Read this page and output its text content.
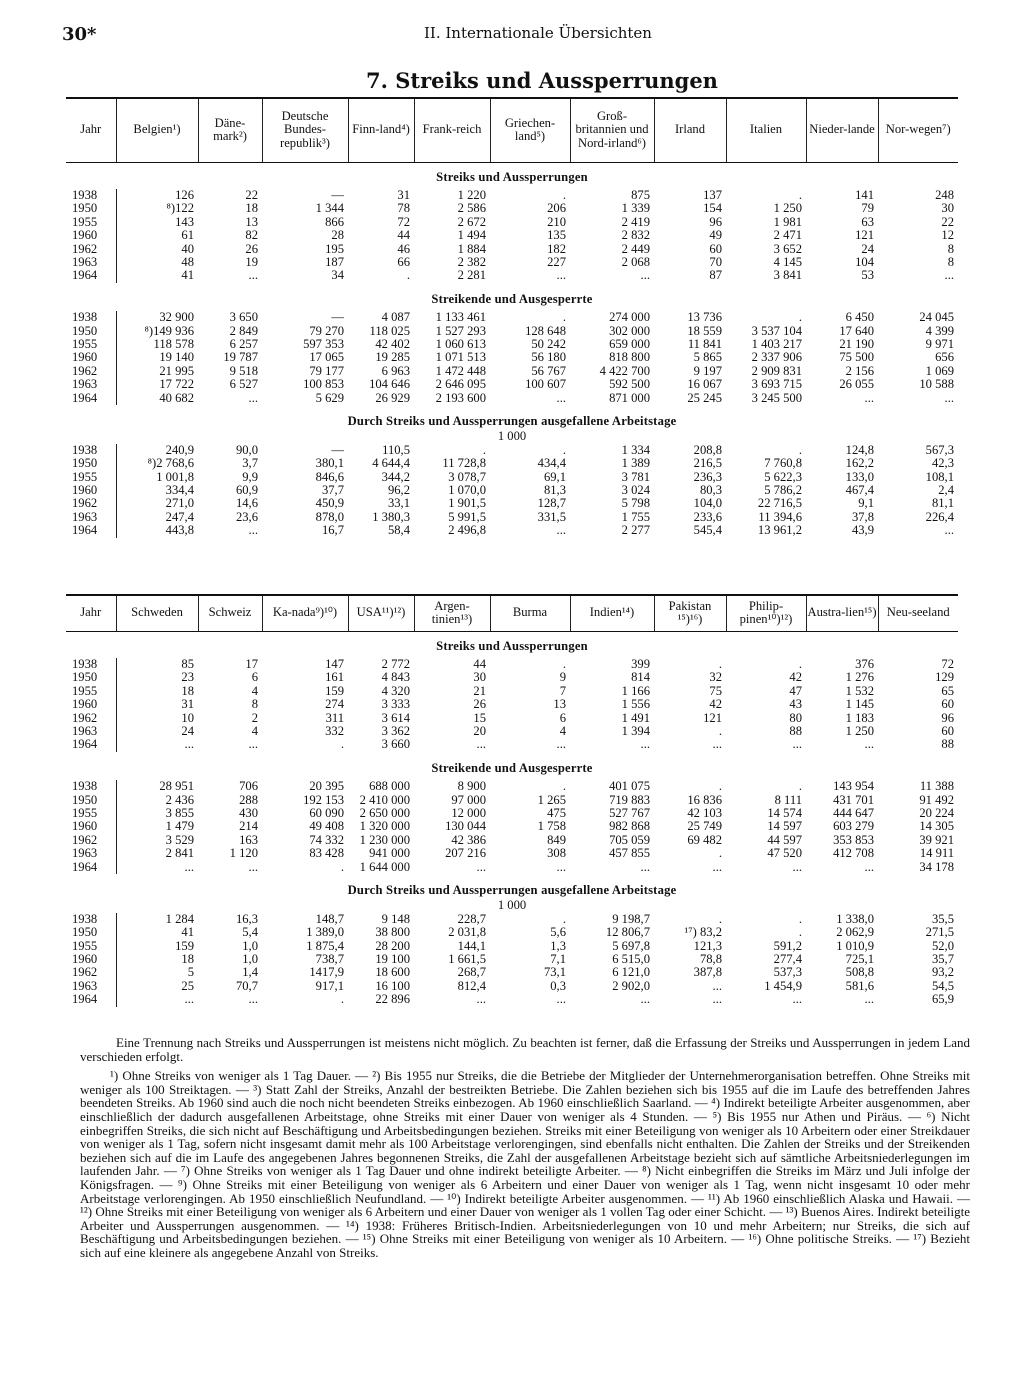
30*	II. Internationale Übersichten
7. Streiks und Aussperrungen
Jahr	Belgien¹)	Däne-mark²)	Deutsche Bundes-republik³)	Finn-land⁴)	Frank-reich	Griechen-land⁵)	Groß-britannien und Nord-irland⁶)	Irland	Italien	Nieder-lande	Nor-wegen⁷)
Streiks und Aussperrungen											

1938	126	22	—	31	1 220	.	875	137	.	141	248
1950	⁸)122	18	1 344	78	2 586	206	1 339	154	1 250	79	30
1955	143	13	866	72	2 672	210	2 419	96	1 981	63	22
1960	61	82	28	44	1 494	135	2 832	49	2 471	121	12
1962	40	26	195	46	1 884	182	2 449	60	3 652	24	8
1963	48	19	187	66	2 382	227	2 068	70	4 145	104	8
1964	41	...	34	.	2 281	...	...	87	3 841	53	...
Streikende und Ausgesperrte											

1938	32 900	3 650	—	4 087	1 133 461	.	274 000	13 736	.	6 450	24 045
1950	⁸)149 936	2 849	79 270	118 025	1 527 293	128 648	302 000	18 559	3 537 104	17 640	4 399
1955	118 578	6 257	597 353	42 402	1 060 613	50 242	659 000	11 841	1 403 217	21 190	9 971
1960	19 140	19 787	17 065	19 285	1 071 513	56 180	818 800	5 865	2 337 906	75 500	656
1962	21 995	9 518	79 177	6 963	1 472 448	56 767	4 422 700	9 197	2 909 831	2 156	1 069
1963	17 722	6 527	100 853	104 646	2 646 095	100 607	592 500	16 067	3 693 715	26 055	10 588
1964	40 682	...	5 629	26 929	2 193 600	...	871 000	25 245	3 245 500	...	...
Durch Streiks und Aussperrungen ausgefallene Arbeitstage											
1 000											
1938	240,9	90,0	—	110,5	.	.	1 334	208,8	.	124,8	567,3
1950	⁸)2 768,6	3,7	380,1	4 644,4	11 728,8	434,4	1 389	216,5	7 760,8	162,2	42,3
1955	1 001,8	9,9	846,6	344,2	3 078,7	69,1	3 781	236,3	5 622,3	133,0	108,1
1960	334,4	60,9	37,7	96,2	1 070,0	81,3	3 024	80,3	5 786,2	467,4	2,4
1962	271,0	14,6	450,9	33,1	1 901,5	128,7	5 798	104,0	22 716,5	9,1	81,1
1963	247,4	23,6	878,0	1 380,3	5 991,5	331,5	1 755	233,6	11 394,6	37,8	226,4
1964	443,8	...	16,7	58,4	2 496,8	...	2 277	545,4	13 961,2	43,9	...
Jahr	Schweden	Schweiz	Ka-nada⁹)¹⁰)	USA¹¹)¹²)	Argen-tinien¹³)	Burma	Indien¹⁴)	Pakistan ¹⁵)¹⁶)	Philip-pinen¹⁰)¹²)	Austra-lien¹⁵)	Neu-seeland
Streiks und Aussperrungen											

1938	85	17	147	2 772	44	.	399	.	.	376	72
1950	23	6	161	4 843	30	9	814	32	42	1 276	129
1955	18	4	159	4 320	21	7	1 166	75	47	1 532	65
1960	31	8	274	3 333	26	13	1 556	42	43	1 145	60
1962	10	2	311	3 614	15	6	1 491	121	80	1 183	96
1963	24	4	332	3 362	20	4	1 394	.	88	1 250	60
1964	...	...	.	3 660	...	...	...	...	...	...	88
Streikende und Ausgesperrte											

1938	28 951	706	20 395	688 000	8 900	.	401 075	.	.	143 954	11 388
1950	2 436	288	192 153	2 410 000	97 000	1 265	719 883	16 836	8 111	431 701	91 492
1955	3 855	430	60 090	2 650 000	12 000	475	527 767	42 103	14 574	444 647	20 224
1960	1 479	214	49 408	1 320 000	130 044	1 758	982 868	25 749	14 597	603 279	14 305
1962	3 529	163	74 332	1 230 000	42 386	849	705 059	69 482	44 597	353 853	39 921
1963	2 841	1 120	83 428	941 000	207 216	308	457 855	.	47 520	412 708	14 911
1964	...	...	.	1 644 000	...	...	...	...	...	...	34 178
Durch Streiks und Aussperrungen ausgefallene Arbeitstage											
1 000											
1938	1 284	16,3	148,7	9 148	228,7	.	9 198,7	.	.	1 338,0	35,5
1950	41	5,4	1 389,0	38 800	2 031,8	5,6	12 806,7	¹⁷) 83,2	.	2 062,9	271,5
1955	159	1,0	1 875,4	28 200	144,1	1,3	5 697,8	121,3	591,2	1 010,9	52,0
1960	18	1,0	738,7	19 100	1 661,5	7,1	6 515,0	78,8	277,4	725,1	35,7
1962	5	1,4	1417,9	18 600	268,7	73,1	6 121,0	387,8	537,3	508,8	93,2
1963	25	70,7	917,1	16 100	812,4	0,3	2 902,0	...	1 454,9	581,6	54,5
1964	...	...	.	22 896	...	...	...	...	...	...	65,9

Eine Trennung nach Streiks und Aussperrungen ist meistens nicht möglich. Zu beachten ist ferner, daß die Erfassung der Streiks und Aussperrungen in jedem Land verschieden erfolgt.

¹) Ohne Streiks von weniger als 1 Tag Dauer. — ²) Bis 1955 nur Streiks, die die Betriebe der Mitglieder der Unternehmerorganisation betreffen. Ohne Streiks mit weniger als 100 Streiktagen. — ³) Statt Zahl der Streiks, Anzahl der bestreikten Betriebe. Die Zahlen beziehen sich bis 1955 auf die im Laufe des betreffenden Jahres beendeten Streiks. Ab 1960 sind auch die noch nicht beendeten Streiks einbezogen. Ab 1960 einschließlich Saarland. — ⁴) Indirekt beteiligte Arbeiter ausgenommen, aber einschließlich der dadurch ausgefallenen Arbeitstage, ohne Streiks mit einer Dauer von weniger als 4 Stunden. — ⁵) Bis 1955 nur Athen und Piräus. — ⁶) Nicht einbegriffen Streiks, die sich nicht auf Beschäftigung und Arbeitsbedingungen beziehen. Streiks mit einer Beteiligung von weniger als 10 Arbeitern oder einer Streikdauer von weniger als 1 Tag, sofern nicht insgesamt damit mehr als 100 Arbeitstage verlorengingen, sind ebenfalls nicht enthalten. Die Zahlen der Streiks und der Streikenden beziehen sich auf die im Laufe des angegebenen Jahres begonnenen Streiks, die Zahl der ausgefallenen Arbeitstage bezieht sich auf sämtliche Arbeitsniederlegungen im laufenden Jahr. — ⁷) Ohne Streiks von weniger als 1 Tag Dauer und ohne indirekt beteiligte Arbeiter. — ⁸) Nicht einbegriffen die Streiks im März und Juli infolge der Königsfragen. — ⁹) Ohne Streiks mit einer Beteiligung von weniger als 6 Arbeitern und einer Dauer von weniger als 1 Tag, wenn nicht insgesamt 10 oder mehr Arbeitstage verlorengingen. Ab 1950 einschließlich Neufundland. — ¹⁰) Indirekt beteiligte Arbeiter ausgenommen. — ¹¹) Ab 1960 einschließlich Alaska und Hawaii. — ¹²) Ohne Streiks mit einer Beteiligung von weniger als 6 Arbeitern und einer Dauer von weniger als 1 vollen Tag oder einer Schicht. — ¹³) Buenos Aires. Indirekt beteiligte Arbeiter und Aussperrungen ausgenommen. — ¹⁴) 1938: Früheres Britisch-Indien. Arbeitsniederlegungen von 10 und mehr Arbeitern; nur Streiks, die sich auf Beschäftigung und Arbeitsbedingungen beziehen. — ¹⁵) Ohne Streiks mit einer Beteiligung von weniger als 10 Arbeitern. — ¹⁶) Ohne politische Streiks. — ¹⁷) Bezieht sich auf eine kleinere als angegebene Anzahl von Streiks.
